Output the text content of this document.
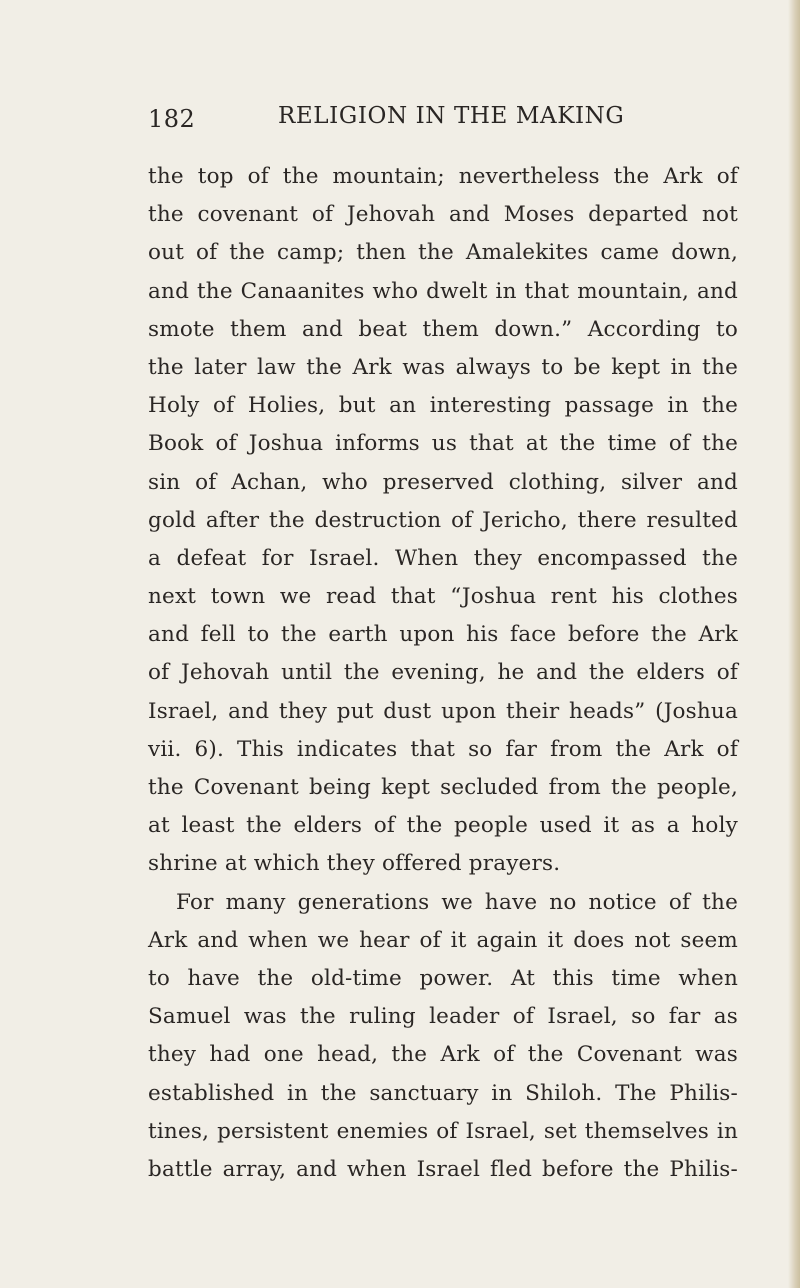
182	RELIGION IN THE MAKING
the top of the mountain; nevertheless the Ark of
the covenant of Jehovah and Moses departed not
out of the camp; then the Amalekites came down,
and the Canaanites who dwelt in that mountain, and
smote them and beat them down.” According to
the later law the Ark was always to be kept in the
Holy of Holies, but an interesting passage in the
Book of Joshua informs us that at the time of the
sin of Achan, who preserved clothing, silver and
gold after the destruction of Jericho, there resulted
a defeat for Israel. When they encompassed the
next town we read that “Joshua rent his clothes
and fell to the earth upon his face before the Ark
of Jehovah until the evening, he and the elders of
Israel, and they put dust upon their heads” (Joshua
vii. 6). This indicates that so far from the Ark of
the Covenant being kept secluded from the people,
at least the elders of the people used it as a holy
shrine at which they offered prayers.
For many generations we have no notice of the
Ark and when we hear of it again it does not seem
to have the old-time power. At this time when
Samuel was the ruling leader of Israel, so far as
they had one head, the Ark of the Covenant was
established in the sanctuary in Shiloh. The Philis-
tines, persistent enemies of Israel, set themselves in
battle array, and when Israel fled before the Philis-
